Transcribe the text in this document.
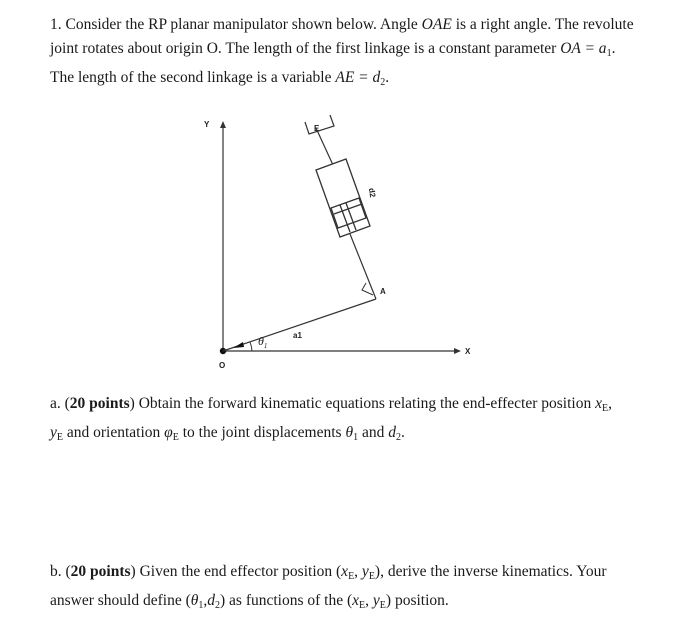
1. Consider the RP planar manipulator shown below. Angle OAE is a right angle. The revolute
joint rotates about origin O. The length of the first linkage is a constant parameter OA = $a_1$.
The length of the second linkage is a variable AE = $d_2$.
Y
X
O
$\theta_1$
a1
A
d2
E
a. (20 points) Obtain the forward kinematic equations relating the end-effecter position $x_E$,
$y_E$ and orientation $\varphi_E$ to the joint displacements $\theta_1$ and $d_2$.
b. (20 points) Given the end effector position ($x_E$, $y_E$), derive the inverse kinematics. Your
answer should define $(\theta_1,d_2)$ as functions of the ($x_E$, $y_E$) position.
